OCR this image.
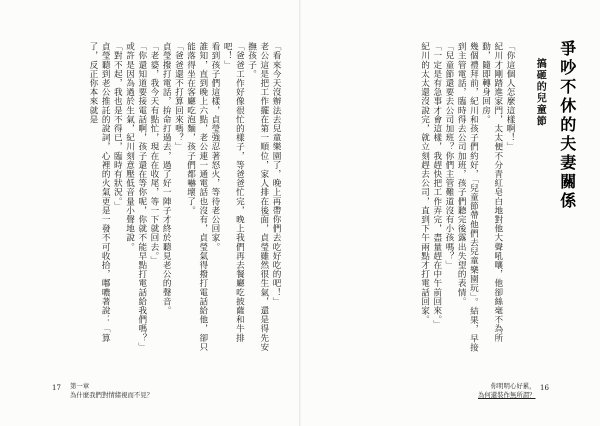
「看來今天沒辦法去兒童樂園了，晚上再帶你們去吃好吃的吧！」

老公這是把工作擺在第一順位，家人排在後面，貞瑩雖然很生氣，還是得先安撫孩子。

「爸爸工作好像很忙的樣子，等爸爸忙完，晚上我們再去餐廳吃披薩和牛排吧！」

看到孩子們這樣，貞瑩強忍著怒火，等待老公回家。

誰知，直到晚上六點，老公連一通電話也沒有，貞瑩氣得撥打電話給他，卻只能落得坐在客廳吃泡麵，孩子們都嚇壞了。

「爸爸還不打算回來嗎？」

貞瑩撥打電話，拚命打過去，過了好一陣子才終於聽見老公的聲音。

「老婆，我今天有點忙，現在在收尾，等一下就回去。」

「你還知道要接電話啊，孩子還在等你呢，你就不能早點打電話給我們嗎？」

或許是因為過於生氣，紀川刻意壓低音量小聲地說。

「對不起，我也是不得已，臨時有狀況。」

貞瑩聽到老公推託的說詞，心裡的火氣更是一發不可收拾，嘟噥著說：「算了，反正你本來就是

17 第一章
為什麼我們對情緒視而不見？
爭吵不休的夫妻關係
搞砸的兒童節

「你這個人怎麼這樣啊！」

紀川才剛踏進家門，太太便不分青紅皂白地對他大聲吼嚷，他卻絲毫不為所動，隨即轉身回房。

幾個禮拜前，紀川和孩子們約好，「兒童節帶他們去兒童樂園玩」。結果，早接到主管電話，臨時得去公司加班，孩子們聽完後露出失望的表情。

「兒童節還要去公司加班？你們主管難道沒有小孩嗎？」

「一定是有急事才會這樣，我趕快把工作弄完，盡量趕在中午前回來。」

紀川的太太還沒說完，就立刻趕去公司，直到下午兩點才打電話回家。

你明明心好累，
為何還裝作無所謂？
16
